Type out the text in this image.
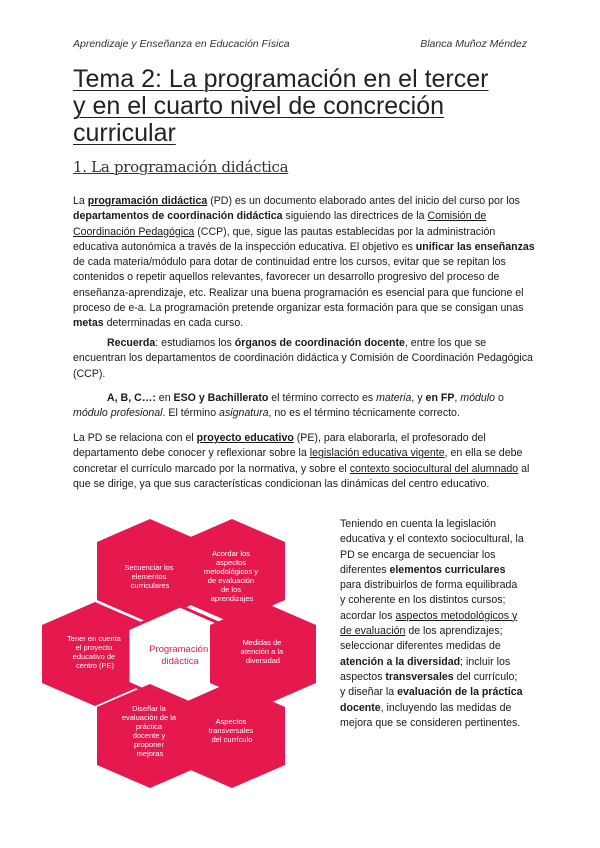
Aprendizaje y Enseñanza en Educación Física	Blanca Muñoz Méndez
Tema 2: La programación en el tercer
y en el cuarto nivel de concreción
curricular
1. La programación didáctica
La programación didáctica (PD) es un documento elaborado antes del inicio del curso por los departamentos de coordinación didáctica siguiendo las directrices de la Comisión de Coordinación Pedagógica (CCP), que, sigue las pautas establecidas por la administración educativa autonómica a través de la inspección educativa. El objetivo es unificar las enseñanzas de cada materia/módulo para dotar de continuidad entre los cursos, evitar que se repitan los contenidos o repetir aquellos relevantes, favorecer un desarrollo progresivo del proceso de enseñanza-aprendizaje, etc. Realizar una buena programación es esencial para que funcione el proceso de e-a. La programación pretende organizar esta formación para que se consigan unas metas determinadas en cada curso.
Recuerda: estudiamos los órganos de coordinación docente, entre los que se encuentran los departamentos de coordinación didáctica y Comisión de Coordinación Pedagógica (CCP).
A, B, C…: en ESO y Bachillerato el término correcto es materia, y en FP, módulo o módulo profesional. El término asignatura, no es el término técnicamente correcto.
La PD se relaciona con el proyecto educativo (PE), para elaborarla, el profesorado del departamento debe conocer y reflexionar sobre la legislación educativa vigente, en ella se debe concretar el currículo marcado por la normativa, y sobre el contexto sociocultural del alumnado al que se dirige, ya que sus características condicionan las dinámicas del centro educativo.
Secuenciar los elementos curriculares
Acordar los aspectos metodológicos y de evaluación de los aprendizajes
Tener en cuenta el proyecto educativo de centro (PE)
Programación didáctica
Medidas de atención a la diversidad
Diseñar la evaluación de la práctica docente y proponer mejoras
Aspectos transversales del currículo
Teniendo en cuenta la legislación educativa y el contexto sociocultural, la PD se encarga de secuenciar los diferentes elementos curriculares para distribuirlos de forma equilibrada y coherente en los distintos cursos; acordar los aspectos metodológicos y de evaluación de los aprendizajes; seleccionar diferentes medidas de atención a la diversidad; incluir los aspectos transversales del currículo; y diseñar la evaluación de la práctica docente, incluyendo las medidas de mejora que se consideren pertinentes.
